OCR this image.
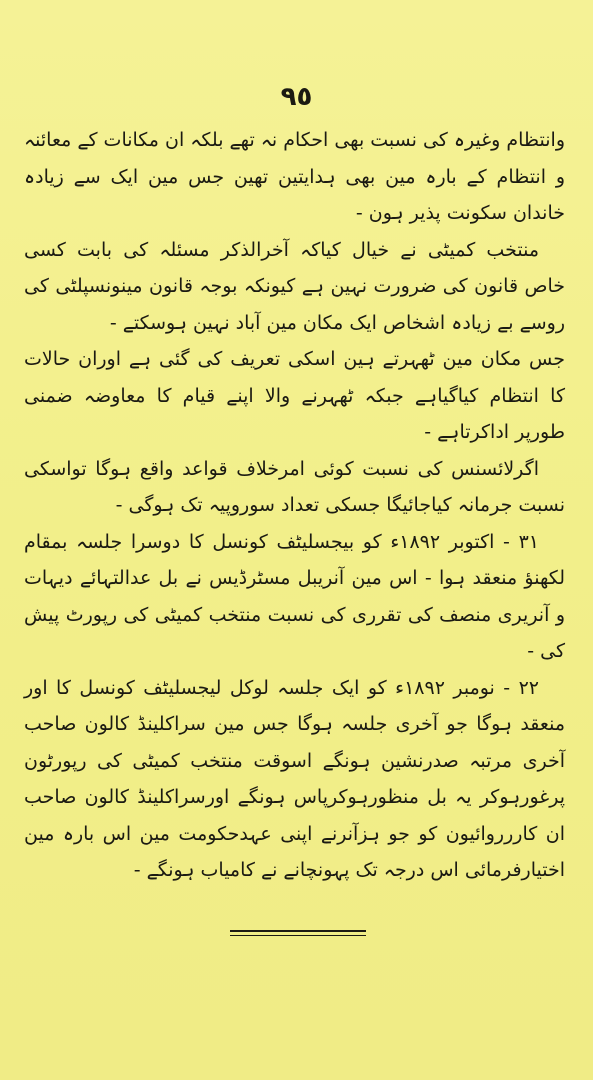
٩٥

وانتظام وغیرہ کی نسبت بھی احکام نہ تھے بلکہ ان مکانات کے معائنہ و انتظام کے بارہ مین بھی ہدایتین تھین جس مین ایک سے زیادہ خاندان سکونت پذیر ہون -

منتخب کمیٹی نے خیال کیاکہ آخرالذکر مسئلہ کی بابت کسی خاص قانون کی ضرورت نہین ہے کیونکہ بوجہ قانون مینونسپلٹی کی روسے بے زیادہ اشخاص ایک مکان مین آباد نہین ہوسکتے -

جس مکان مین ٹھہرتے ہین اسکی تعریف کی گئی ہے اوران حالات کا انتظام کیاگیاہے جبکہ ٹھہرنے والا اپنے قیام کا معاوضہ ضمنی طورپر اداکرتاہے -

اگرلائسنس کی نسبت کوئی امرخلاف قواعد واقع ہوگا تواسکی نسبت جرمانہ کیاجائیگا جسکی تعداد سوروپیہ تک ہوگی -

٣١ - اکتوبر ١٨٩٢ء کو بیجسلیٹف کونسل کا دوسرا جلسہ بمقام لکھنؤ منعقد ہوا - اس مین آنریبل مسٹرڈیس نے بل عدالتہائے دیہات و آنریری منصف کی تقرری کی نسبت منتخب کمیٹی کی رپورٹ پیش کی -

٢٢ - نومبر ١٨٩٢ء کو ایک جلسہ لوکل لیجسلیٹف کونسل کا اور منعقد ہوگا جو آخری جلسہ ہوگا جس مین سراکلینڈ کالون صاحب آخری مرتبہ صدرنشین ہونگے اسوقت منتخب کمیٹی کی رپورٹون پرغورہوکر یہ بل منظورہوکرپاس ہونگے اورسراکلینڈ کالون صاحب ان کاررروائیون کو جو ہزآنرنے اپنی عہدحکومت مین اس بارہ مین اختیارفرمائی اس درجہ تک پہونچانے نے کامیاب ہونگے -
